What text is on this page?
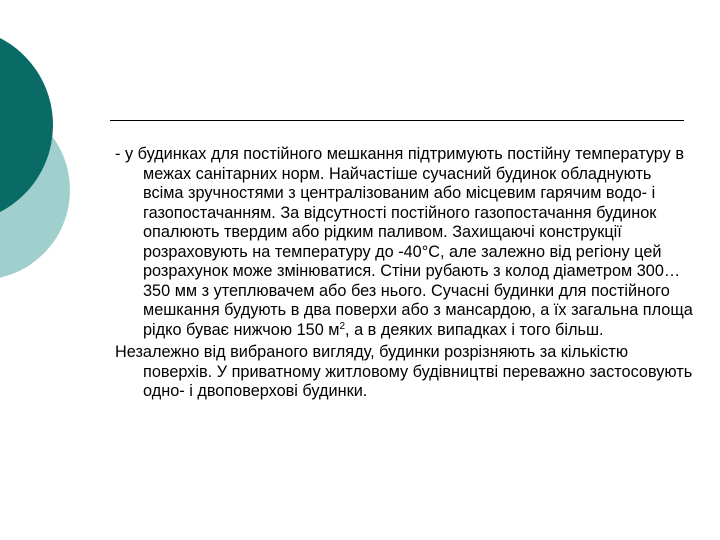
- у будинках для постійного мешкання підтримують постійну температуру в межах санітарних норм. Найчастіше сучасний будинок обладнують всіма зручностями з централізованим або місцевим гарячим водо- і газопостачанням. За відсутності постійного газопостачання будинок опалюють твердим або рідким паливом. Захищаючі конструкції розраховують на температуру до -40°С, але залежно від регіону цей розрахунок може змінюватися. Стіни рубають з колод діаметром 300…350 мм з утеплювачем або без нього. Сучасні будинки для постійного мешкання будують в два поверхи або з мансардою, а їх загальна площа рідко буває нижчою 150 $м^2$, а в деяких випадках і того більш.

Незалежно від вибраного вигляду, будинки розрізняють за кількістю поверхів. У приватному житловому будівництві переважно застосовують одно- і двоповерхові будинки.
